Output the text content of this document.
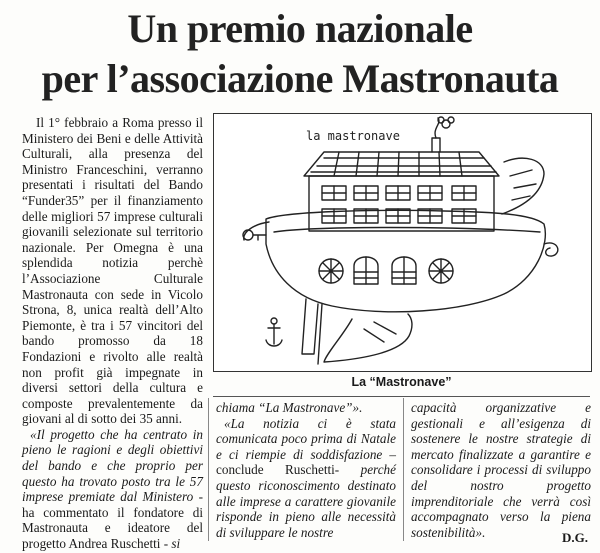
Un premio nazionale
per l’associazione Mastronauta

Il 1° febbraio a Roma presso il Ministero dei Beni e delle Attività Culturali, alla presenza del Ministro Franceschini, verranno presentati i risultati del Bando “Funder35” per il finanziamento delle migliori 57 imprese culturali giovanili selezionate sul territorio nazionale. Per Omegna è una splendida notizia perchè l’Associazione Culturale Mastronauta con sede in Vicolo Strona, 8, unica realtà dell’Alto Piemonte, è tra i 57 vincitori del bando promosso da 18 Fondazioni e rivolto alle realtà non profit già impegnate in diversi settori della cultura e composte prevalentemente da giovani al di sotto dei 35 anni.

«Il progetto che ha centrato in pieno le ragioni e degli obiettivi del bando e che proprio per questo ha trovato posto tra le 57 imprese premiate dal Ministero - ha commentato il fondatore di Mastronauta e ideatore del progetto Andrea Ruschetti - si

la mastronave
La “Mastronave”

chiama “La Mastronave”».

«La notizia ci è stata comunicata poco prima di Natale e ci riempie di soddisfazione – conclude Ruschetti- perché questo riconoscimento destinato alle imprese a carattere giovanile risponde in pieno alle necessità di sviluppare le nostre

capacità organizzative e gestionali e all’esigenza di sostenere le nostre strategie di mercato finalizzate a garantire e consolidare i processi di sviluppo del nostro progetto imprenditoriale che verrà così accompagnato verso la piena sostenibilità».	D.G.
